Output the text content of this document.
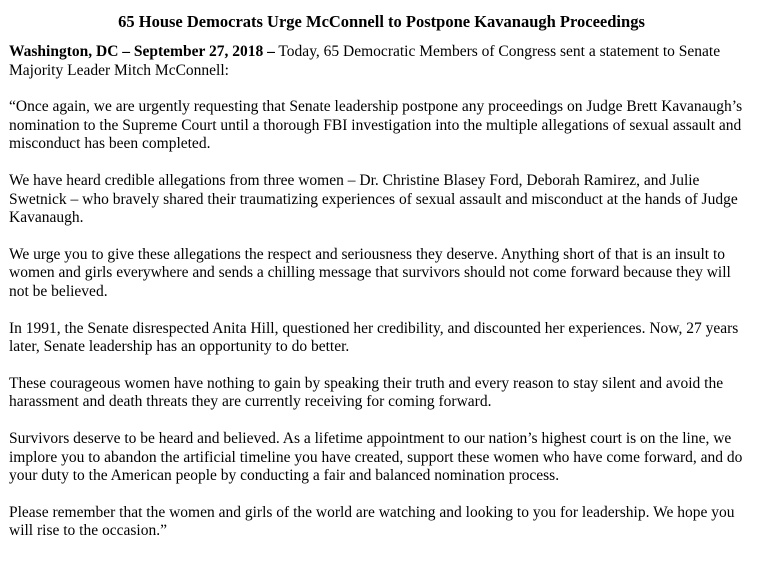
65 House Democrats Urge McConnell to Postpone Kavanaugh Proceedings

Washington, DC – September 27, 2018 – Today, 65 Democratic Members of Congress sent a statement to Senate Majority Leader Mitch McConnell:

“Once again, we are urgently requesting that Senate leadership postpone any proceedings on Judge Brett Kavanaugh’s nomination to the Supreme Court until a thorough FBI investigation into the multiple allegations of sexual assault and misconduct has been completed.

We have heard credible allegations from three women – Dr. Christine Blasey Ford, Deborah Ramirez, and Julie Swetnick – who bravely shared their traumatizing experiences of sexual assault and misconduct at the hands of Judge Kavanaugh.

We urge you to give these allegations the respect and seriousness they deserve. Anything short of that is an insult to women and girls everywhere and sends a chilling message that survivors should not come forward because they will not be believed.

In 1991, the Senate disrespected Anita Hill, questioned her credibility, and discounted her experiences. Now, 27 years later, Senate leadership has an opportunity to do better.

These courageous women have nothing to gain by speaking their truth and every reason to stay silent and avoid the harassment and death threats they are currently receiving for coming forward.

Survivors deserve to be heard and believed. As a lifetime appointment to our nation’s highest court is on the line, we implore you to abandon the artificial timeline you have created, support these women who have come forward, and do your duty to the American people by conducting a fair and balanced nomination process.

Please remember that the women and girls of the world are watching and looking to you for leadership. We hope you will rise to the occasion.”
